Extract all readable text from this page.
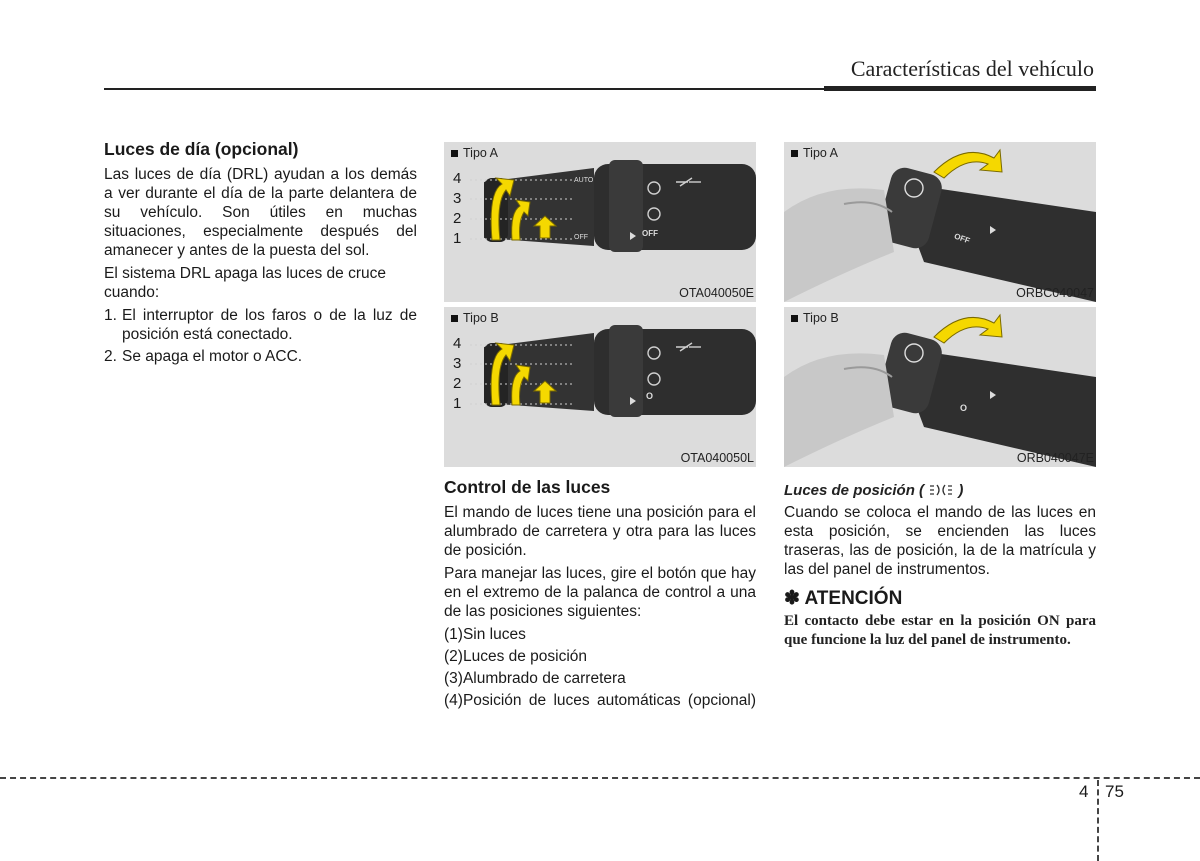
Características del vehículo
Luces de día (opcional)

Las luces de día (DRL) ayudan a los demás a ver durante el día de la parte delantera de su vehículo. Son útiles en muchas situaciones, especialmente después del amanecer y antes de la puesta del sol.

El sistema DRL apaga las luces de cruce cuando:

1. El interruptor de los faros o de la luz de posición está conectado.
2. Se apaga el motor o ACC.
Tipo A
4
3
2
1
AUTO
OFF	OFF
OTA040050E
Tipo B
4
3
2
1	O
OTA040050L
Tipo A
OFF
ORBC040047
Tipo B
O
ORB040047E
Control de las luces

El mando de luces tiene una posición para el alumbrado de carretera y otra para las luces de posición.

Para manejar las luces, gire el botón que hay en el extremo de la palanca de control a una de las posiciones siguientes:

(1) Sin luces
(2) Luces de posición
(3) Alumbrado de carretera
(4) Posición de luces automáticas (opcional)
Luces de posición ( )

Cuando se coloca el mando de las luces en esta posición, se encienden las luces traseras, las de posición, la de la matrícula y las del panel de instrumentos.

✽ ATENCIÓN
El contacto debe estar en la posición ON para que funcione la luz del panel de instrumento.
4 75
